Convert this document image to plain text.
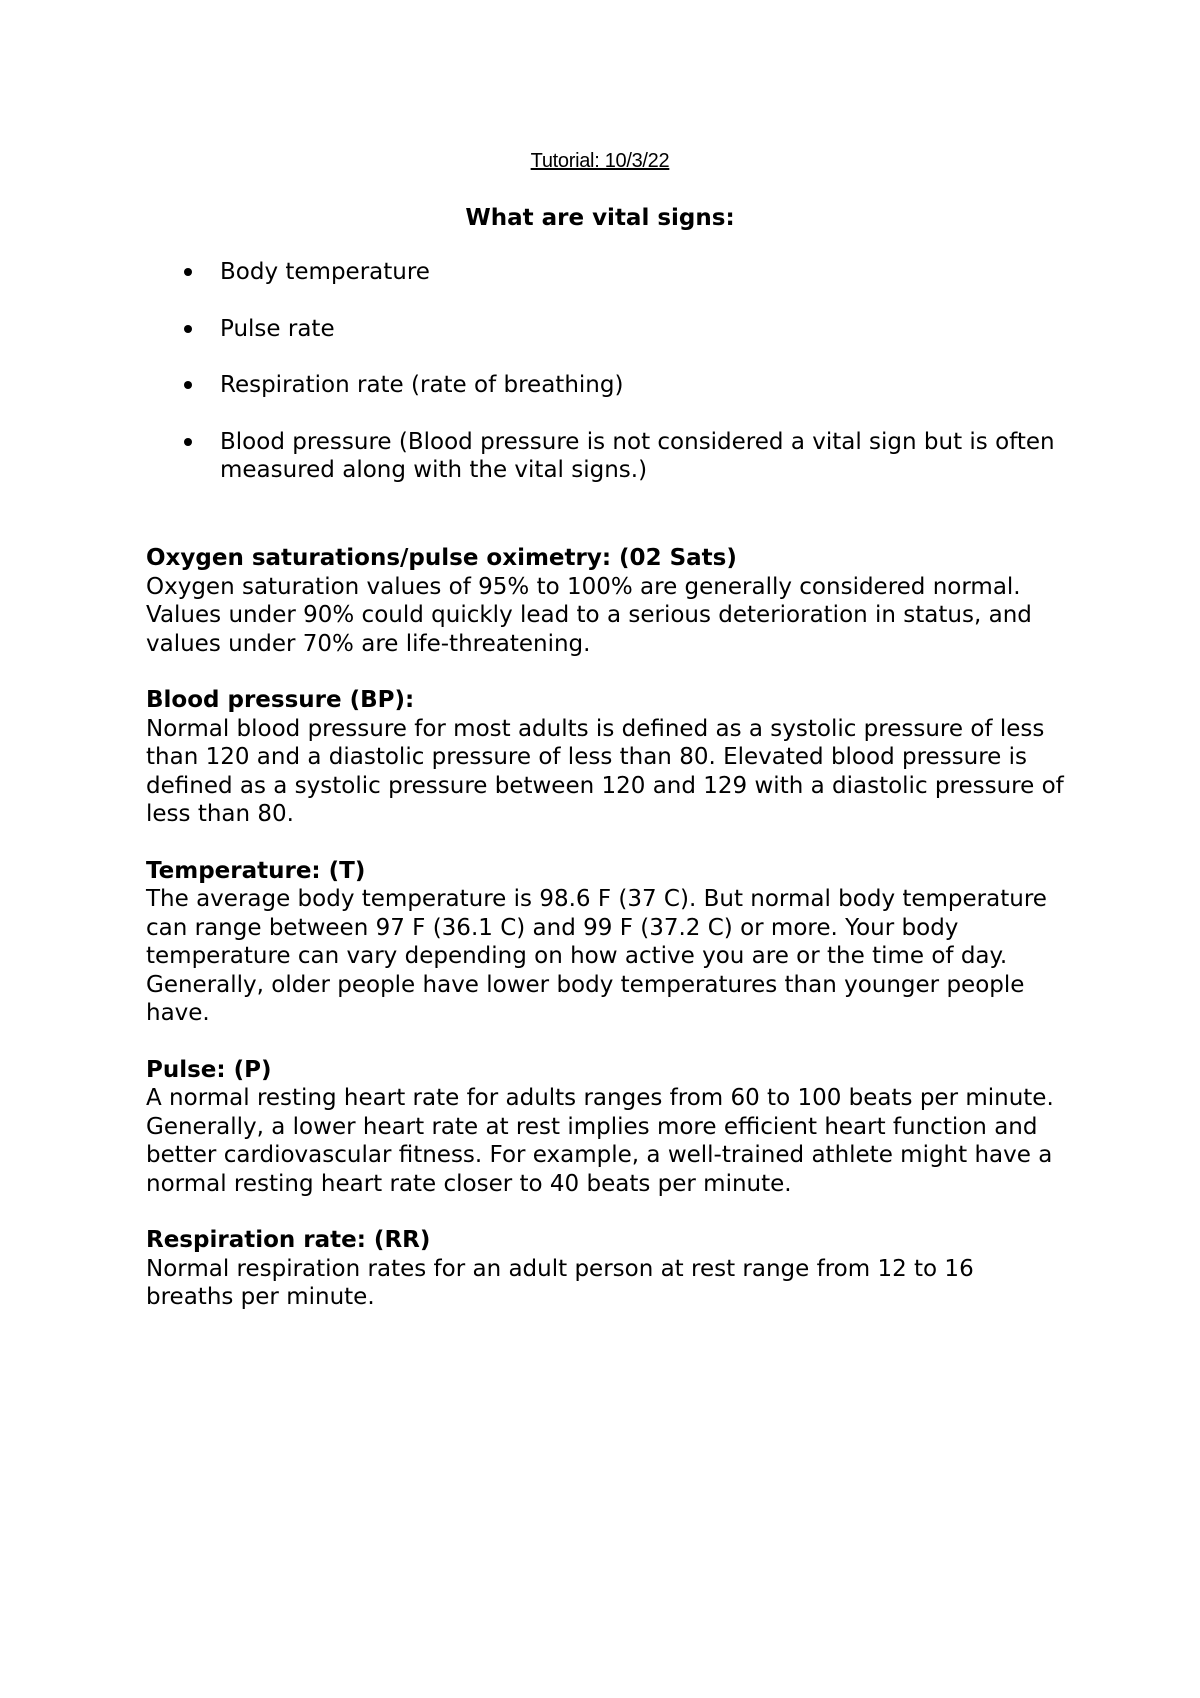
Tutorial: 10/3/22
What are vital signs:
Body temperature
Pulse rate
Respiration rate (rate of breathing)
Blood pressure (Blood pressure is not considered a vital sign but is often measured along with the vital signs.)

Oxygen saturations/pulse oximetry: (02 Sats)

Oxygen saturation values of 95% to 100% are generally considered normal. Values under 90% could quickly lead to a serious deterioration in status, and values under 70% are life-threatening.

Blood pressure (BP):

Normal blood pressure for most adults is defined as a systolic pressure of less than 120 and a diastolic pressure of less than 80. Elevated blood pressure is defined as a systolic pressure between 120 and 129 with a diastolic pressure of less than 80.

Temperature: (T)

The average body temperature is 98.6 F (37 C). But normal body temperature can range between 97 F (36.1 C) and 99 F (37.2 C) or more. Your body temperature can vary depending on how active you are or the time of day. Generally, older people have lower body temperatures than younger people have.

Pulse: (P)

A normal resting heart rate for adults ranges from 60 to 100 beats per minute. Generally, a lower heart rate at rest implies more efficient heart function and better cardiovascular fitness. For example, a well-trained athlete might have a normal resting heart rate closer to 40 beats per minute.

Respiration rate: (RR)

Normal respiration rates for an adult person at rest range from 12 to 16 breaths per minute.
